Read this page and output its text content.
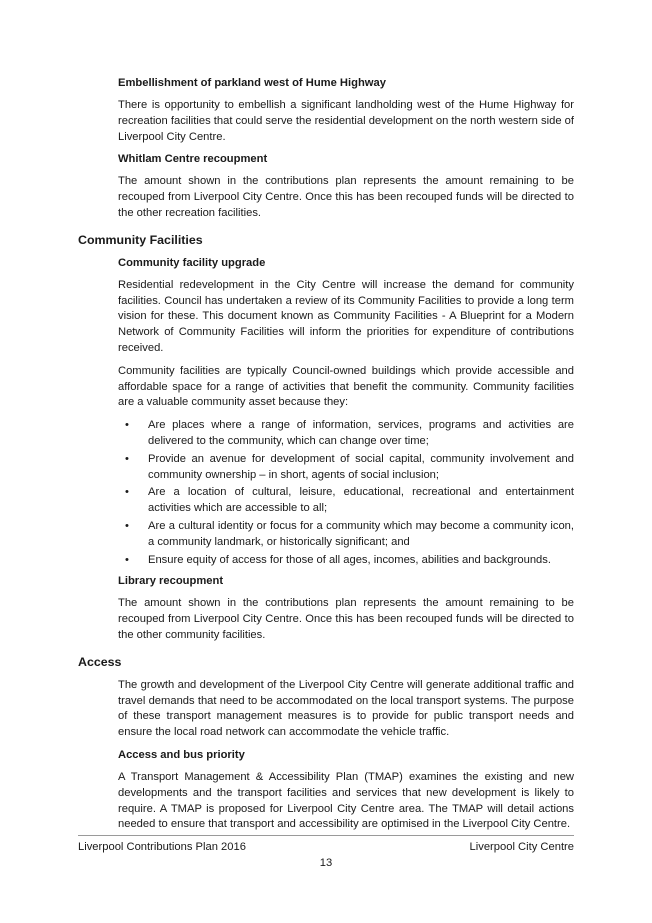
Embellishment of parkland west of Hume Highway

There is opportunity to embellish a significant landholding west of the Hume Highway for recreation facilities that could serve the residential development on the north western side of Liverpool City Centre.

Whitlam Centre recoupment

The amount shown in the contributions plan represents the amount remaining to be recouped from Liverpool City Centre. Once this has been recouped funds will be directed to the other recreation facilities.

Community Facilities
Community facility upgrade

Residential redevelopment in the City Centre will increase the demand for community facilities. Council has undertaken a review of its Community Facilities to provide a long term vision for these. This document known as Community Facilities - A Blueprint for a Modern Network of Community Facilities will inform the priorities for expenditure of contributions received.

Community facilities are typically Council-owned buildings which provide accessible and affordable space for a range of activities that benefit the community. Community facilities are a valuable community asset because they:

•	Are places where a range of information, services, programs and activities are delivered to the community, which can change over time;
•	Provide an avenue for development of social capital, community involvement and community ownership – in short, agents of social inclusion;
•	Are a location of cultural, leisure, educational, recreational and entertainment activities which are accessible to all;
•	Are a cultural identity or focus for a community which may become a community icon, a community landmark, or historically significant; and
•	Ensure equity of access for those of all ages, incomes, abilities and backgrounds.
Library recoupment

The amount shown in the contributions plan represents the amount remaining to be recouped from Liverpool City Centre. Once this has been recouped funds will be directed to the other community facilities.

Access

The growth and development of the Liverpool City Centre will generate additional traffic and travel demands that need to be accommodated on the local transport systems. The purpose of these transport management measures is to provide for public transport needs and ensure the local road network can accommodate the vehicle traffic.

Access and bus priority

A Transport Management & Accessibility Plan (TMAP) examines the existing and new developments and the transport facilities and services that new development is likely to require. A TMAP is proposed for Liverpool City Centre area. The TMAP will detail actions needed to ensure that transport and accessibility are optimised in the Liverpool City Centre.

Liverpool Contributions Plan 2016	Liverpool City Centre
13
